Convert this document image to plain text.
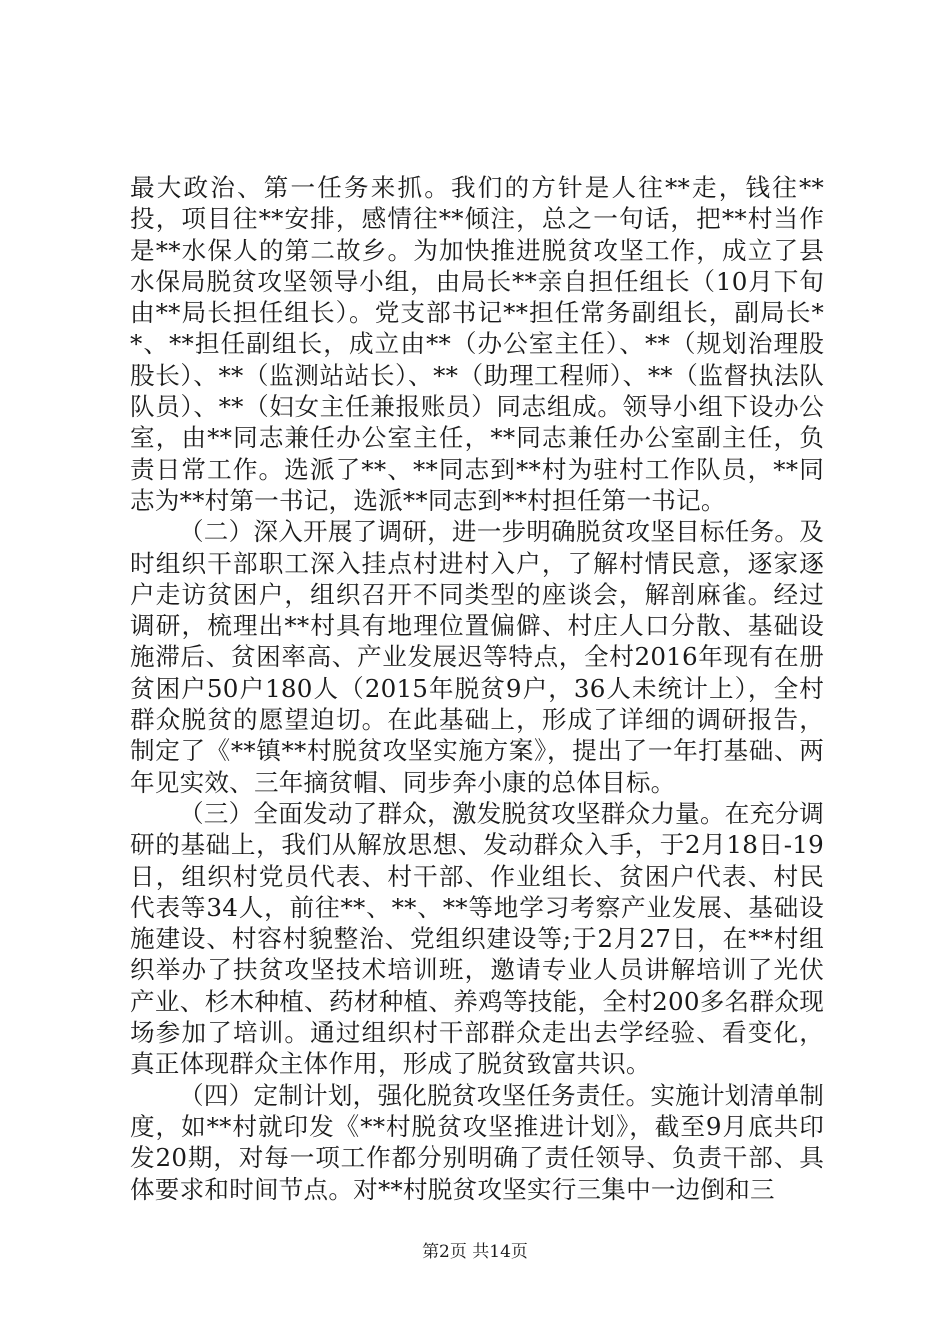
最大政治、第一任务来抓。我们的方针是人往**走，钱往**投，项目往**安排，感情往**倾注，总之一句话，把**村当作是**水保人的第二故乡。为加快推进脱贫攻坚工作，成立了县水保局脱贫攻坚领导小组，由局长**亲自担任组长（10月下旬由**局长担任组长）。党支部书记**担任常务副组长，副局长**、**担任副组长，成立由**（办公室主任）、**（规划治理股股长）、**（监测站站长）、**（助理工程师）、**（监督执法队队员）、**（妇女主任兼报账员）同志组成。领导小组下设办公室，由**同志兼任办公室主任，**同志兼任办公室副主任，负责日常工作。选派了**、**同志到**村为驻村工作队员，**同志为**村第一书记，选派**同志到**村担任第一书记。

（二）深入开展了调研，进一步明确脱贫攻坚目标任务。及时组织干部职工深入挂点村进村入户，了解村情民意，逐家逐户走访贫困户，组织召开不同类型的座谈会，解剖麻雀。经过调研，梳理出**村具有地理位置偏僻、村庄人口分散、基础设施滞后、贫困率高、产业发展迟等特点，全村2016年现有在册贫困户50户180人（2015年脱贫9户，36人未统计上），全村群众脱贫的愿望迫切。在此基础上，形成了详细的调研报告，制定了《**镇**村脱贫攻坚实施方案》，提出了一年打基础、两年见实效、三年摘贫帽、同步奔小康的总体目标。

（三）全面发动了群众，激发脱贫攻坚群众力量。在充分调研的基础上，我们从解放思想、发动群众入手，于2月18日-19日，组织村党员代表、村干部、作业组长、贫困户代表、村民代表等34人，前往**、**、**等地学习考察产业发展、基础设施建设、村容村貌整治、党组织建设等;于2月27日，在**村组织举办了扶贫攻坚技术培训班，邀请专业人员讲解培训了光伏产业、杉木种植、药材种植、养鸡等技能，全村200多名群众现场参加了培训。通过组织村干部群众走出去学经验、看变化，真正体现群众主体作用，形成了脱贫致富共识。

（四）定制计划，强化脱贫攻坚任务责任。实施计划清单制度，如**村就印发《**村脱贫攻坚推进计划》，截至9月底共印发20期，对每一项工作都分别明确了责任领导、负责干部、具体要求和时间节点。对**村脱贫攻坚实行三集中一边倒和三

第2页 共14页
